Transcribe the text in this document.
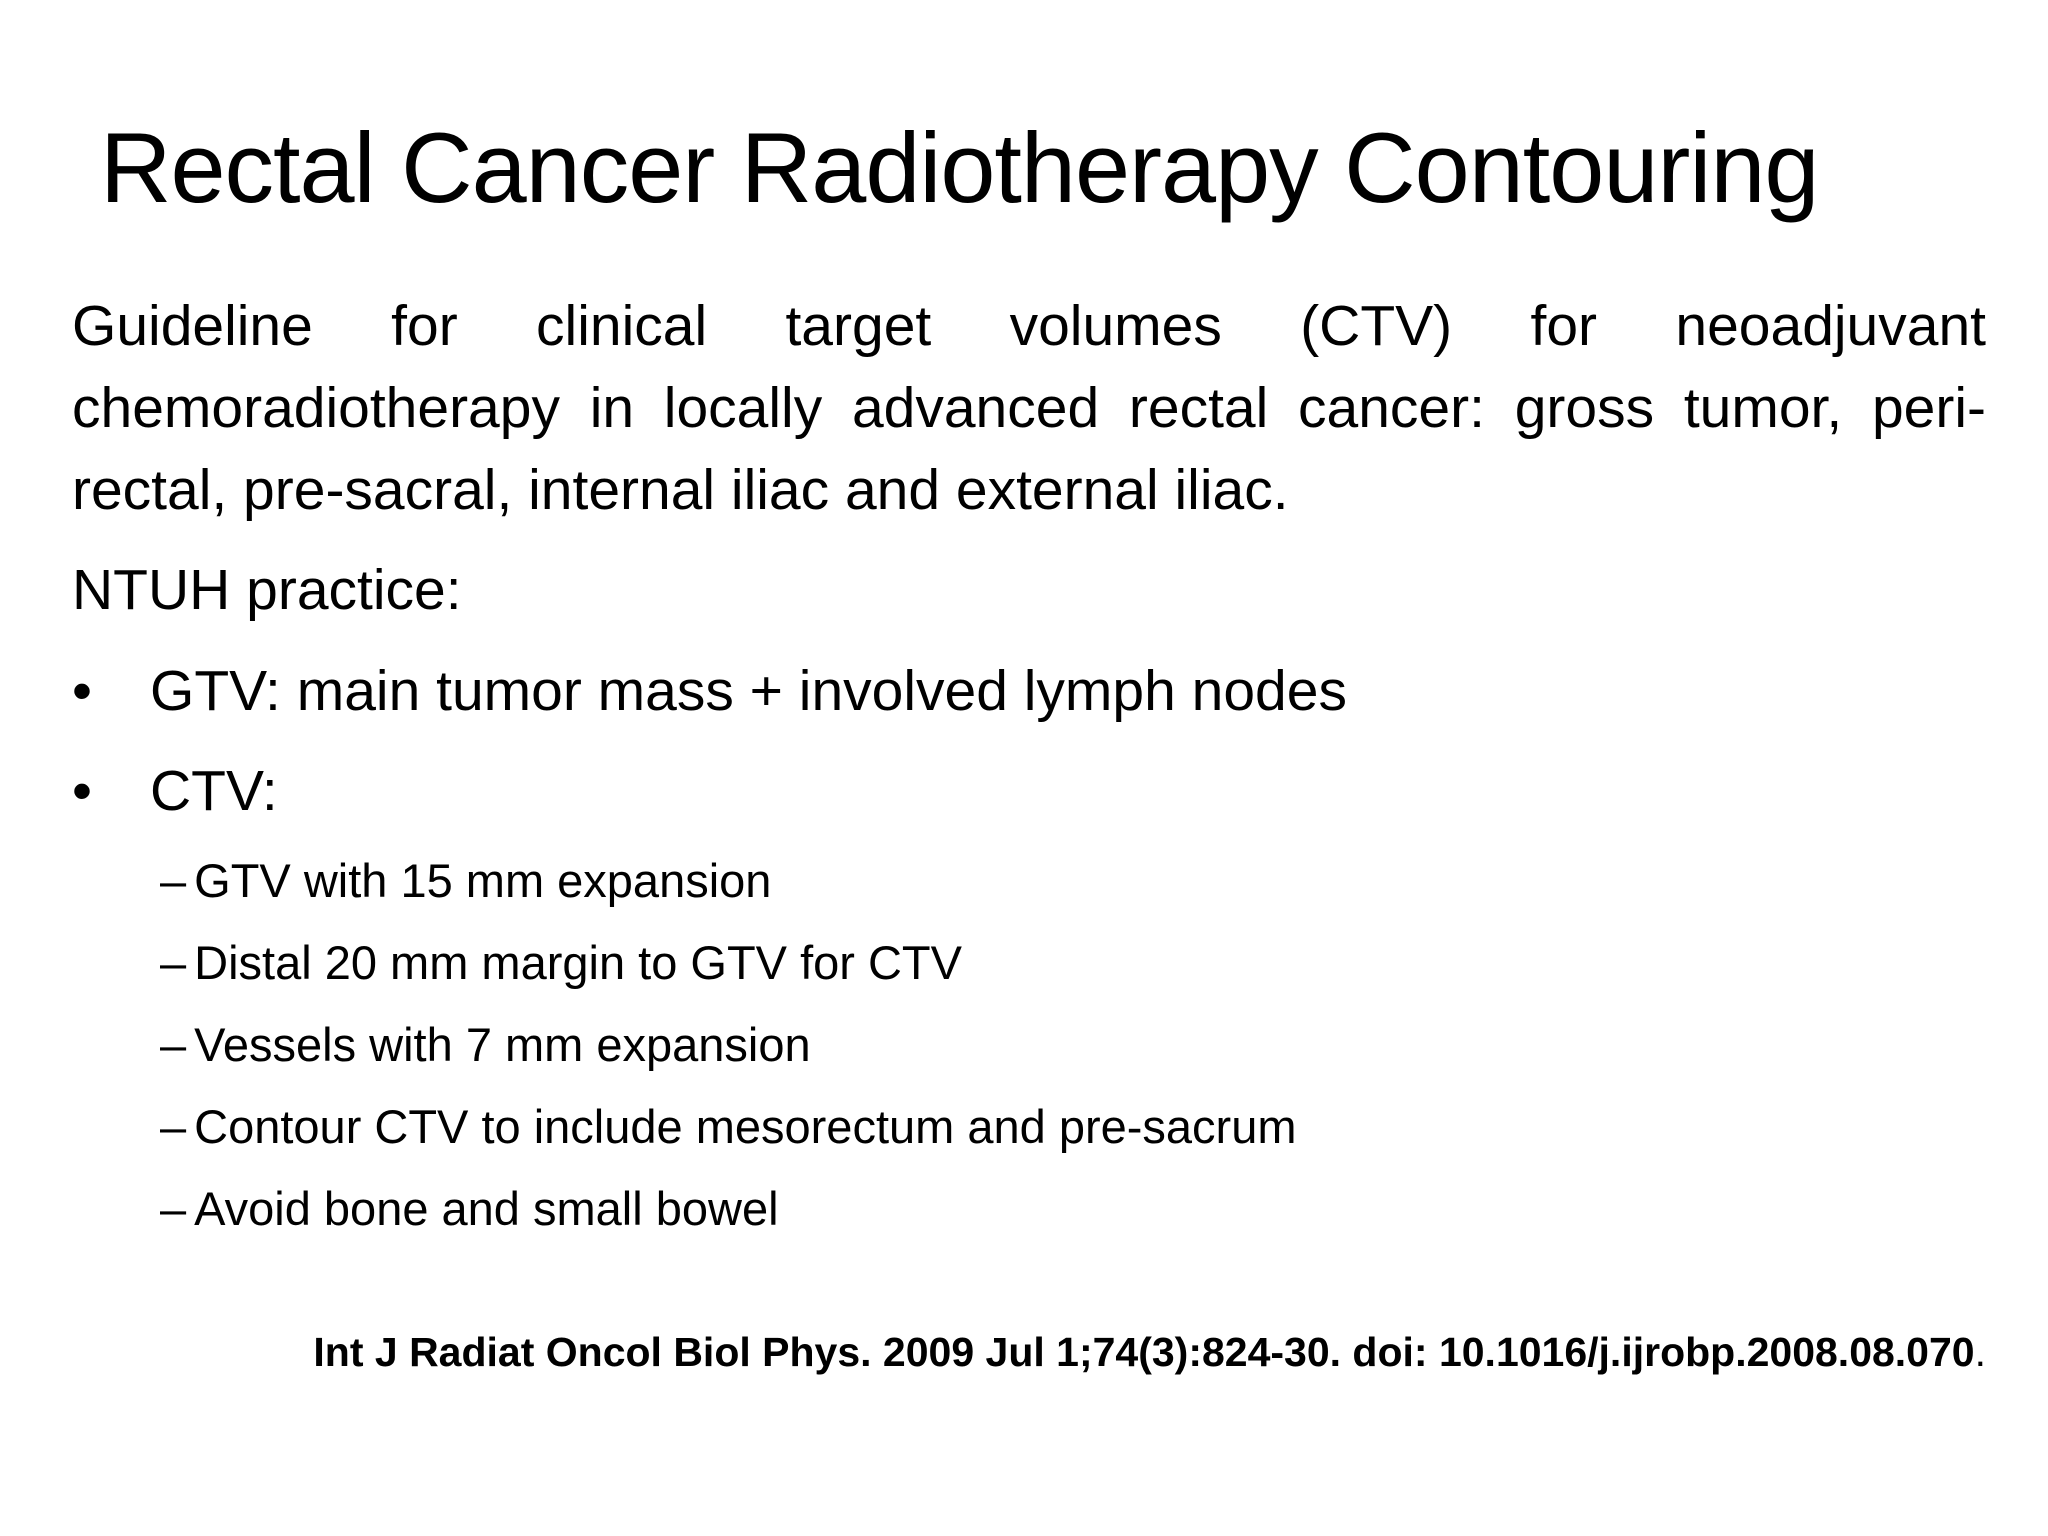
Rectal Cancer Radiotherapy Contouring

Guideline for clinical target volumes (CTV) for neoadjuvant chemoradiotherapy in locally advanced rectal cancer: gross tumor, peri-rectal, pre-sacral, internal iliac and external iliac.

NTUH practice:

•	GTV: main tumor mass + involved lymph nodes
•	CTV:
– GTV with 15 mm expansion
– Distal 20 mm margin to GTV for CTV
– Vessels with 7 mm expansion
– Contour CTV to include mesorectum and pre-sacrum
– Avoid bone and small bowel

Int J Radiat Oncol Biol Phys. 2009 Jul 1;74(3):824-30. doi: 10.1016/j.ijrobp.2008.08.070.
